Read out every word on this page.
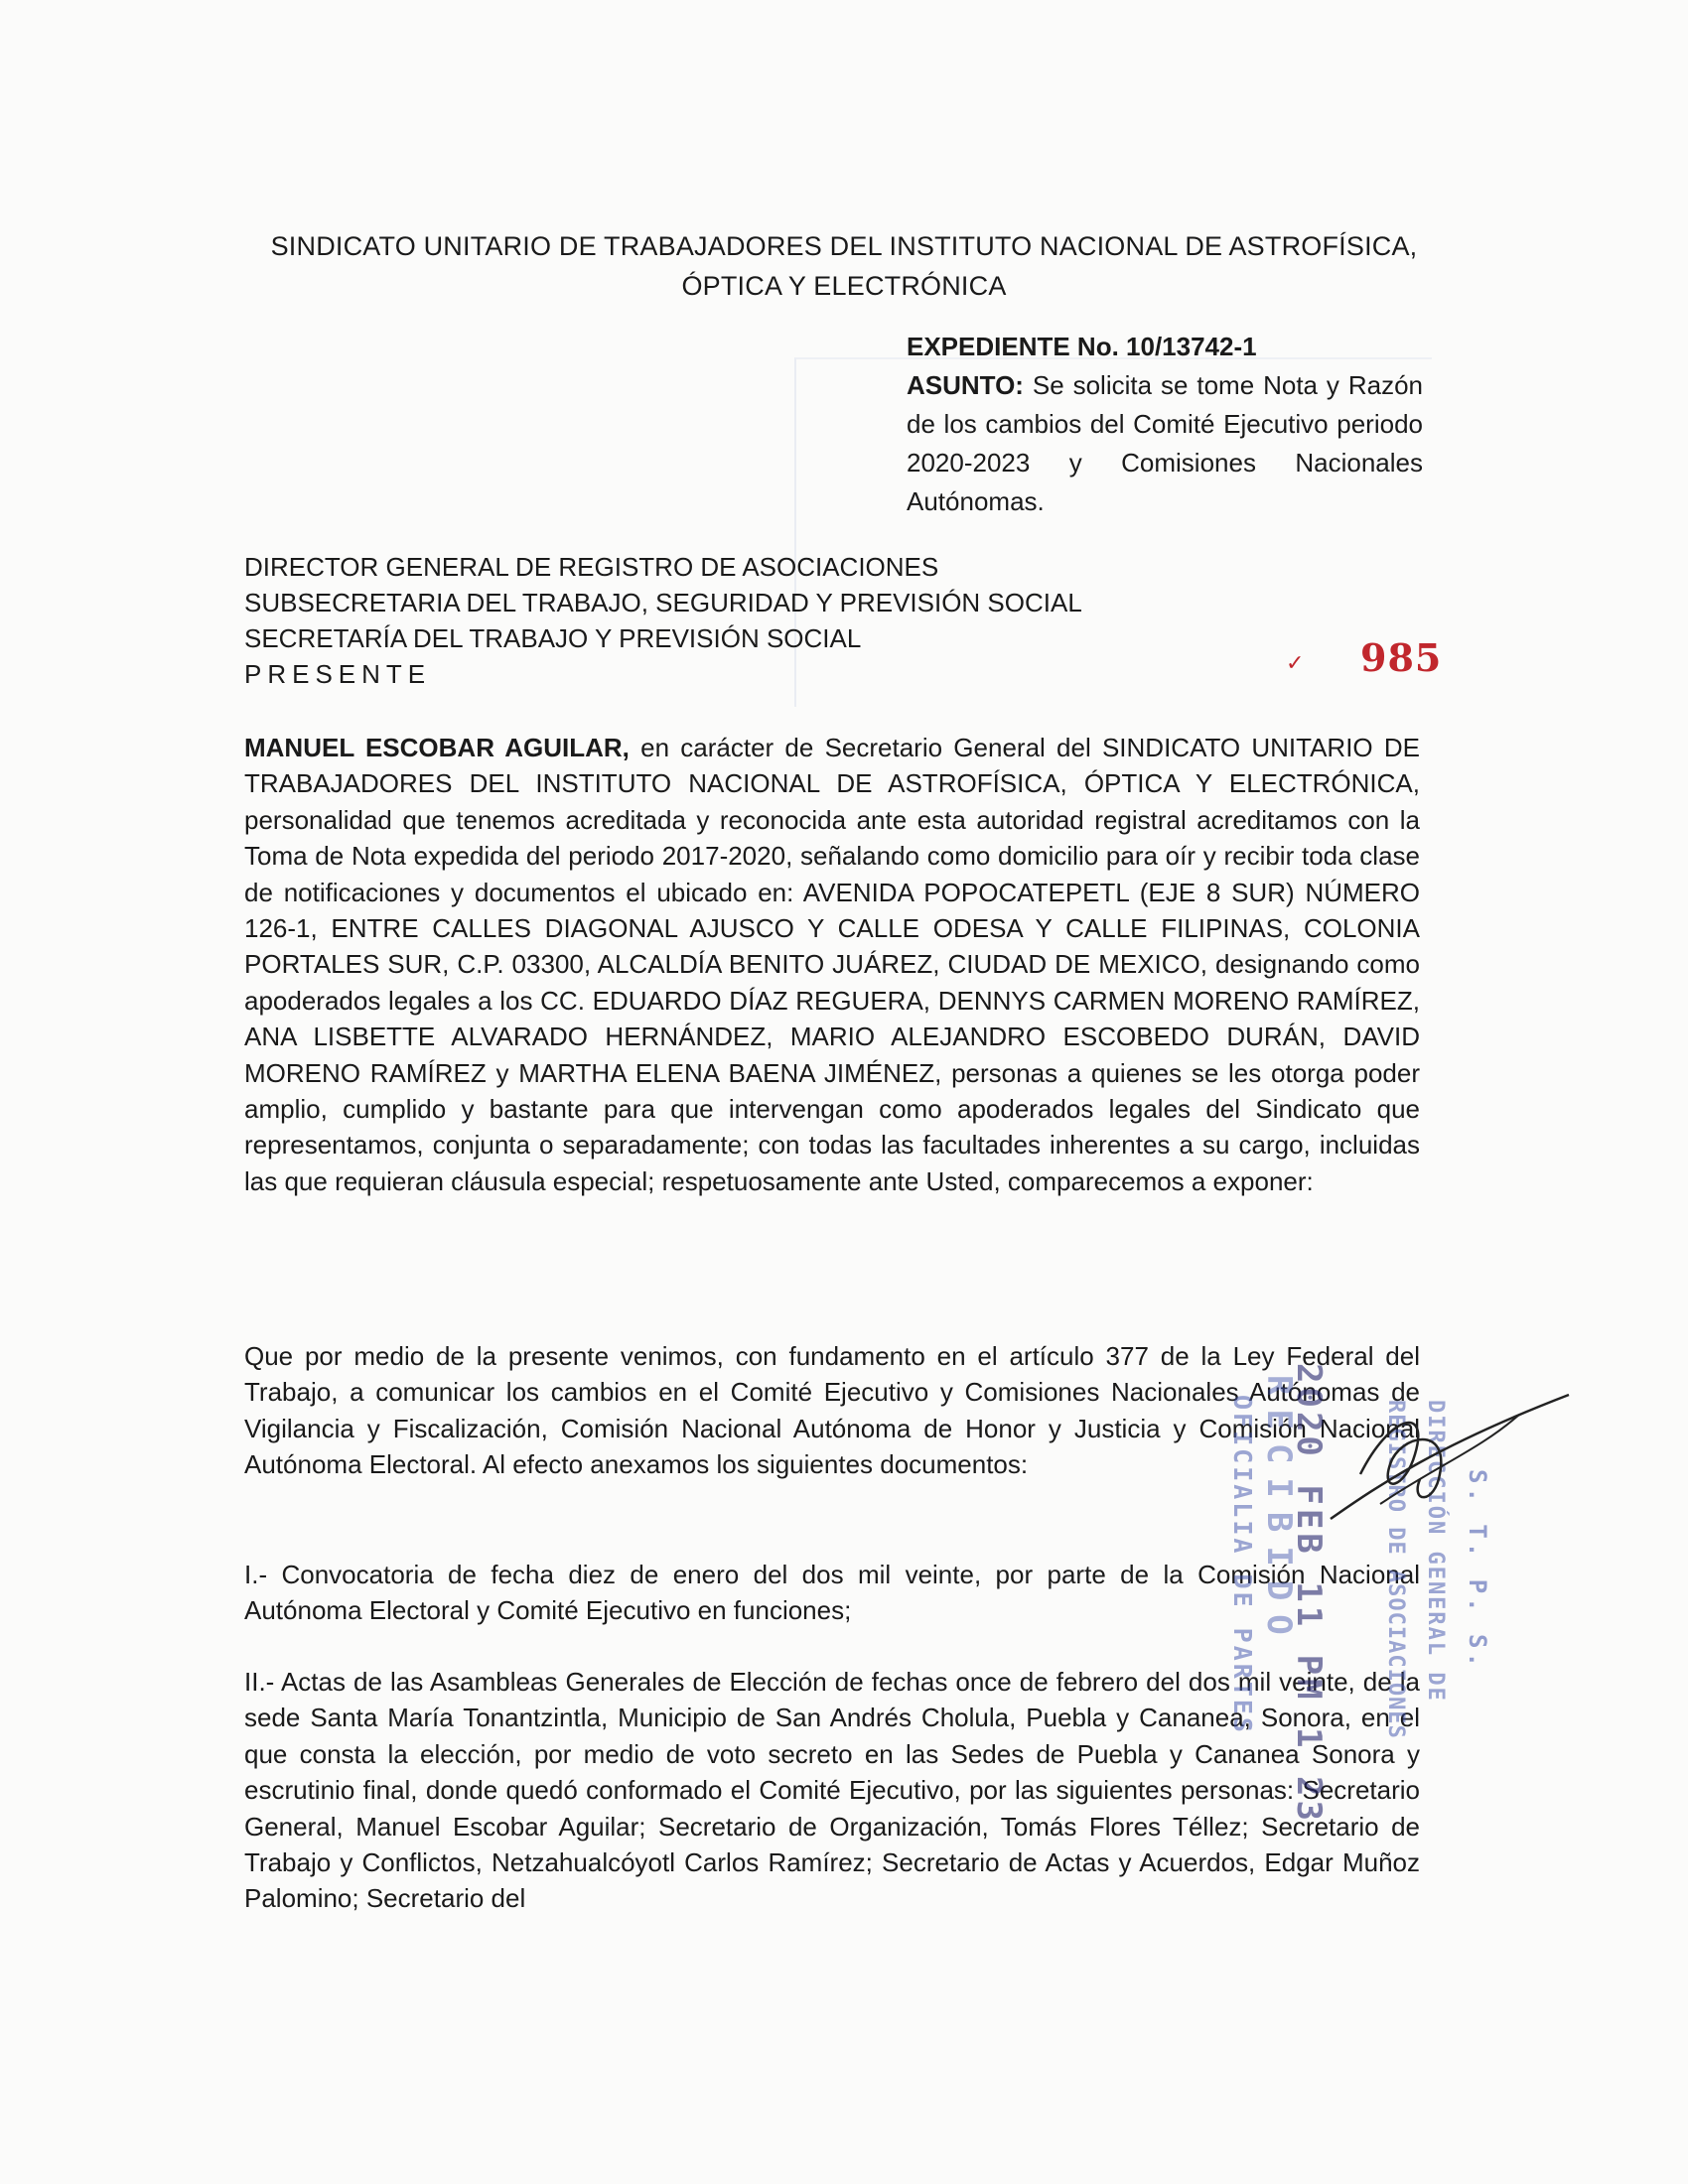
SINDICATO UNITARIO DE TRABAJADORES DEL INSTITUTO NACIONAL DE ASTROFÍSICA,
ÓPTICA Y ELECTRÓNICA
EXPEDIENTE No. 10/13742-1
ASUNTO: Se solicita se tome Nota y Razón de los cambios del Comité Ejecutivo periodo 2020-2023 y Comisiones Nacionales Autónomas.
DIRECTOR GENERAL DE REGISTRO DE ASOCIACIONES
SUBSECRETARIA DEL TRABAJO, SEGURIDAD Y PREVISIÓN SOCIAL
SECRETARÍA DEL TRABAJO Y PREVISIÓN SOCIAL
PRESENTE	✓ 985
MANUEL ESCOBAR AGUILAR, en carácter de Secretario General del SINDICATO UNITARIO DE TRABAJADORES DEL INSTITUTO NACIONAL DE ASTROFÍSICA, ÓPTICA Y ELECTRÓNICA, personalidad que tenemos acreditada y reconocida ante esta autoridad registral acreditamos con la Toma de Nota expedida del periodo 2017-2020, señalando como domicilio para oír y recibir toda clase de notificaciones y documentos el ubicado en: AVENIDA POPOCATEPETL (EJE 8 SUR) NÚMERO 126-1, ENTRE CALLES DIAGONAL AJUSCO Y CALLE ODESA Y CALLE FILIPINAS, COLONIA PORTALES SUR, C.P. 03300, ALCALDÍA BENITO JUÁREZ, CIUDAD DE MEXICO, designando como apoderados legales a los CC. EDUARDO DÍAZ REGUERA, DENNYS CARMEN MORENO RAMÍREZ, ANA LISBETTE ALVARADO HERNÁNDEZ, MARIO ALEJANDRO ESCOBEDO DURÁN, DAVID MORENO RAMÍREZ y MARTHA ELENA BAENA JIMÉNEZ, personas a quienes se les otorga poder amplio, cumplido y bastante para que intervengan como apoderados legales del Sindicato que representamos, conjunta o separadamente; con todas las facultades inherentes a su cargo, incluidas las que requieran cláusula especial; respetuosamente ante Usted, comparecemos a exponer:
Que por medio de la presente venimos, con fundamento en el artículo 377 de la Ley Federal del Trabajo, a comunicar los cambios en el Comité Ejecutivo y Comisiones Nacionales Autónomas de Vigilancia y Fiscalización, Comisión Nacional Autónoma de Honor y Justicia y Comisión Nacional Autónoma Electoral. Al efecto anexamos los siguientes documentos:
I.- Convocatoria de fecha diez de enero del dos mil veinte, por parte de la Comisión Nacional Autónoma Electoral y Comité Ejecutivo en funciones;
II.- Actas de las Asambleas Generales de Elección de fechas once de febrero del dos mil veinte, de la sede Santa María Tonantzintla, Municipio de San Andrés Cholula, Puebla y Cananea, Sonora, en el que consta la elección, por medio de voto secreto en las Sedes de Puebla y Cananea Sonora y escrutinio final, donde quedó conformado el Comité Ejecutivo, por las siguientes personas: Secretario General, Manuel Escobar Aguilar; Secretario de Organización, Tomás Flores Téllez; Secretario de Trabajo y Conflictos, Netzahualcóyotl Carlos Ramírez; Secretario de Actas y Acuerdos, Edgar Muñoz Palomino; Secretario del
OFICIALIA DE PARTES RECIBIDO
2020 FEB 11 PM 1 23	REGISTRO DE ASOCIACIONES DIRECCIÓN GENERAL DE S. T. P. S.
